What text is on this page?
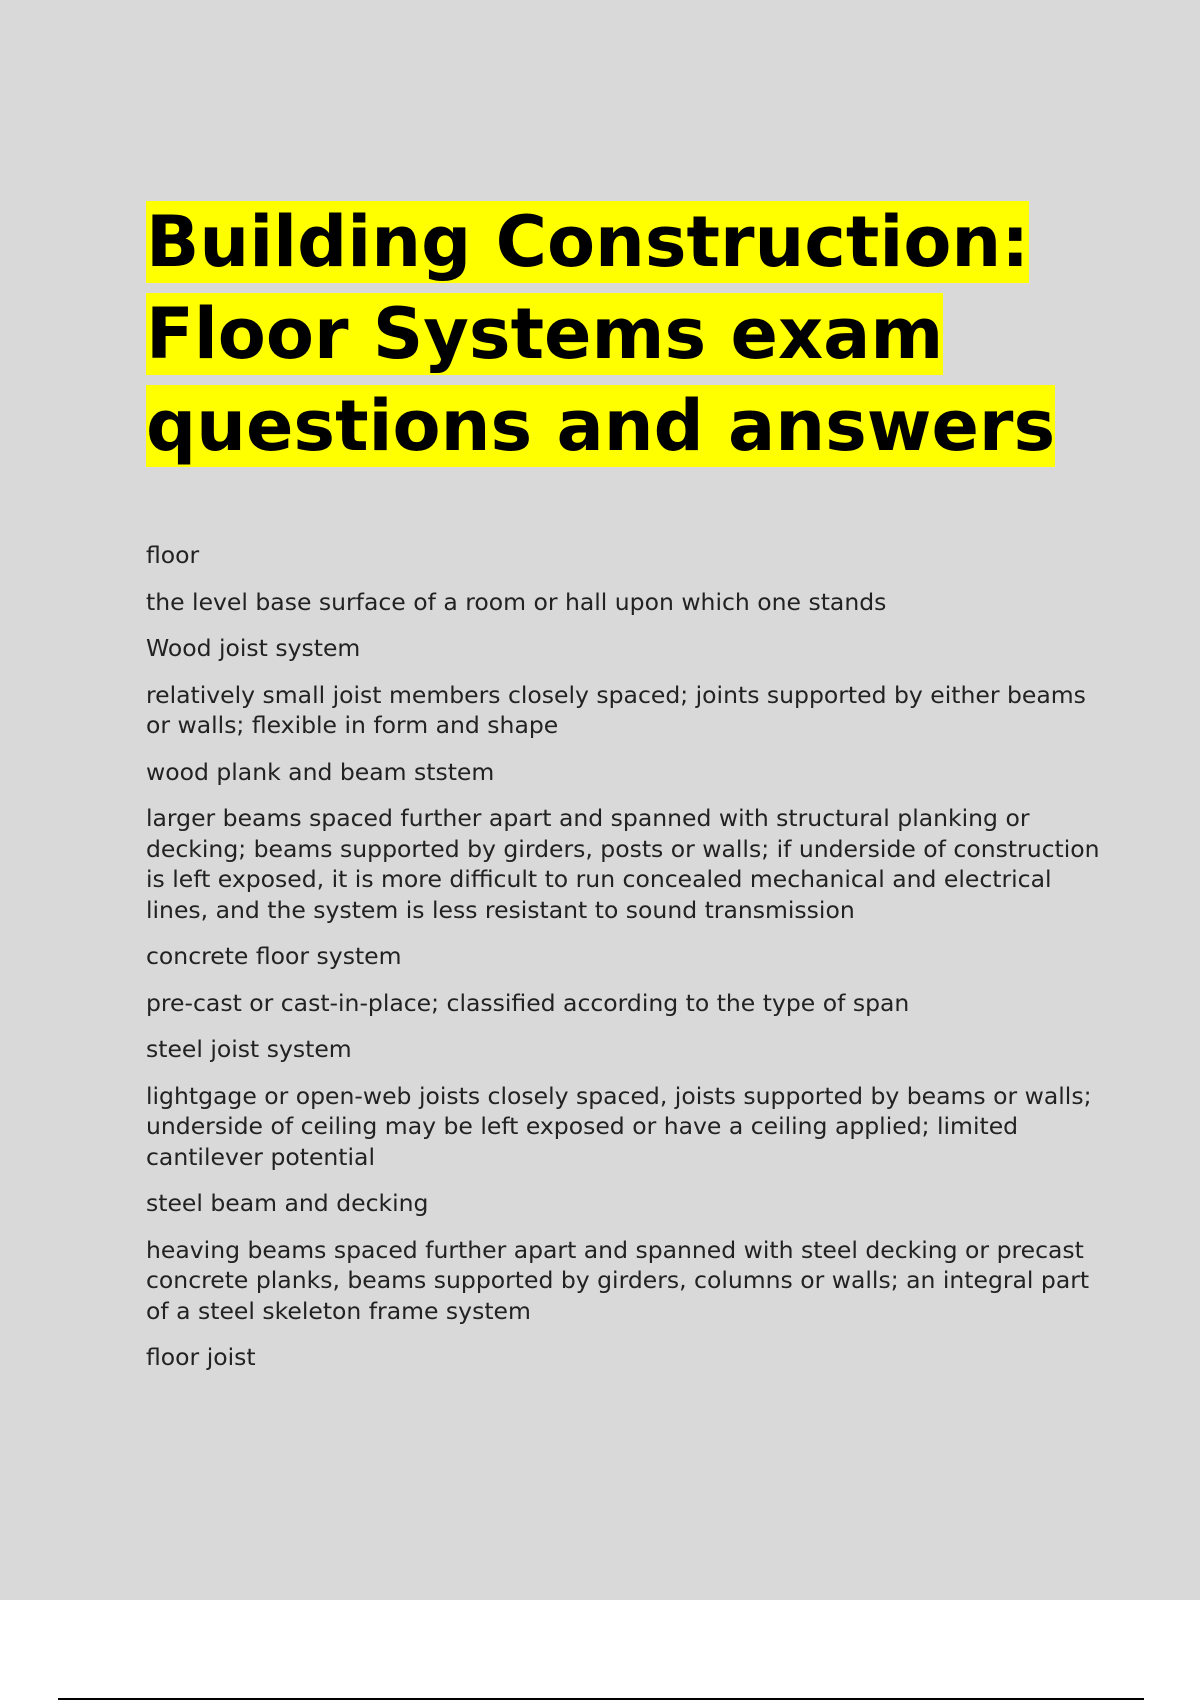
Building Construction:
Floor Systems exam
questions and answers
floor
the level base surface of a room or hall upon which one stands
Wood joist system
relatively small joist members closely spaced; joints supported by either beams or walls; flexible in form and shape
wood plank and beam ststem
larger beams spaced further apart and spanned with structural planking or decking; beams supported by girders, posts or walls; if underside of construction is left exposed, it is more difficult to run concealed mechanical and electrical lines, and the system is less resistant to sound transmission
concrete floor system
pre-cast or cast-in-place; classified according to the type of span
steel joist system
lightgage or open-web joists closely spaced, joists supported by beams or walls; underside of ceiling may be left exposed or have a ceiling applied; limited cantilever potential
steel beam and decking
heaving beams spaced further apart and spanned with steel decking or precast concrete planks, beams supported by girders, columns or walls; an integral part of a steel skeleton frame system
floor joist
